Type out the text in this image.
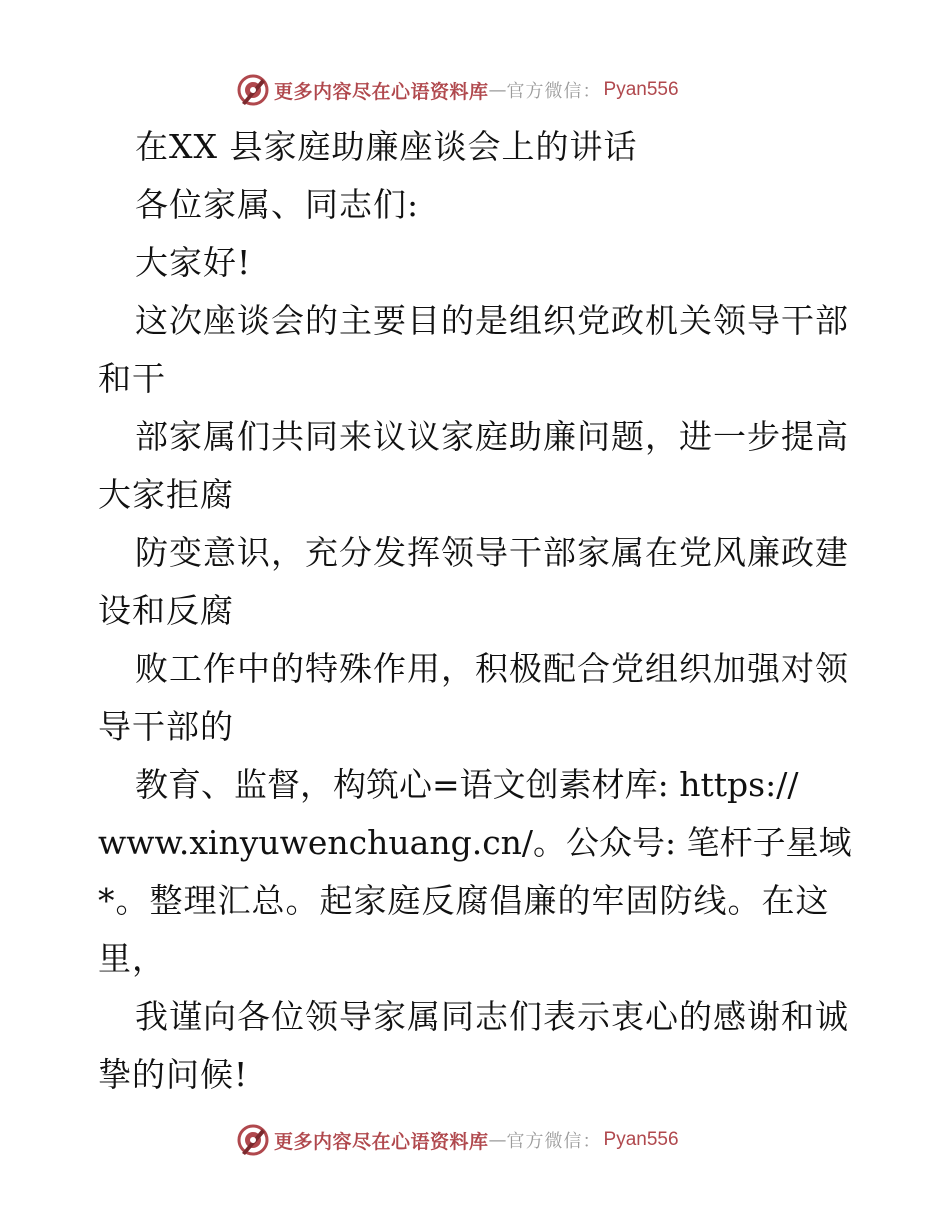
更多内容尽在心语资料库 — 官方微信： Pyan556
在XX 县家庭助廉座谈会上的讲话
各位家属、同志们:
大家好!
这次座谈会的主要目的是组织党政机关领导干部
和干
部家属们共同来议议家庭助廉问题，进一步提高
大家拒腐
防变意识，充分发挥领导干部家属在党风廉政建
设和反腐
败工作中的特殊作用，积极配合党组织加强对领
导干部的
教育、监督，构筑心=语文创素材库: https://
www.xinyuwenchuang.cn/。公众号: 笔杆子星域
*。整理汇总。起家庭反腐倡廉的牢固防线。在这
里，
我谨向各位领导家属同志们表示衷心的感谢和诚
挚的问候!
更多内容尽在心语资料库 — 官方微信： Pyan556
